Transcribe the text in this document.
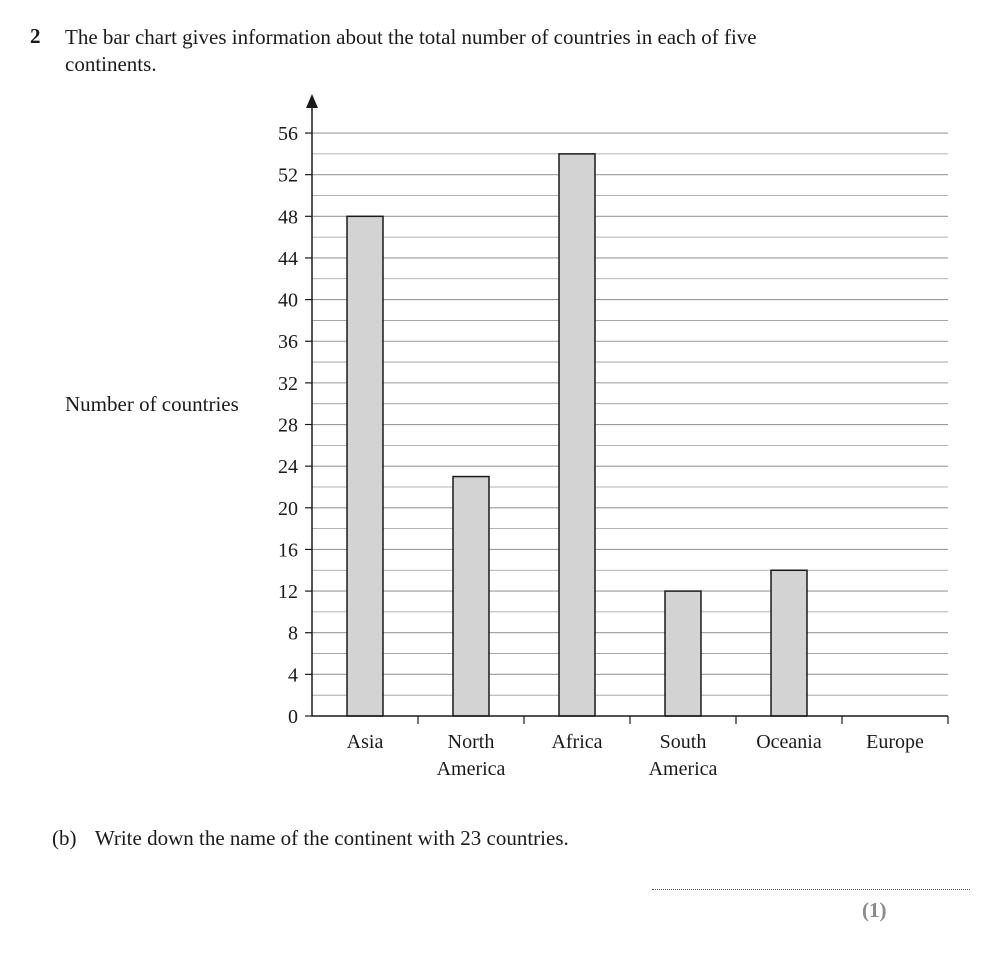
2 The bar chart gives information about the total number of countries in each of five continents.
Number of countries
0
4
8
12
16
20
24
28
32
36
40
44
48
52
56
Asia	North America
Africa	South America
Oceania Europe
(b) Write down the name of the continent with 23 countries.
(1)
